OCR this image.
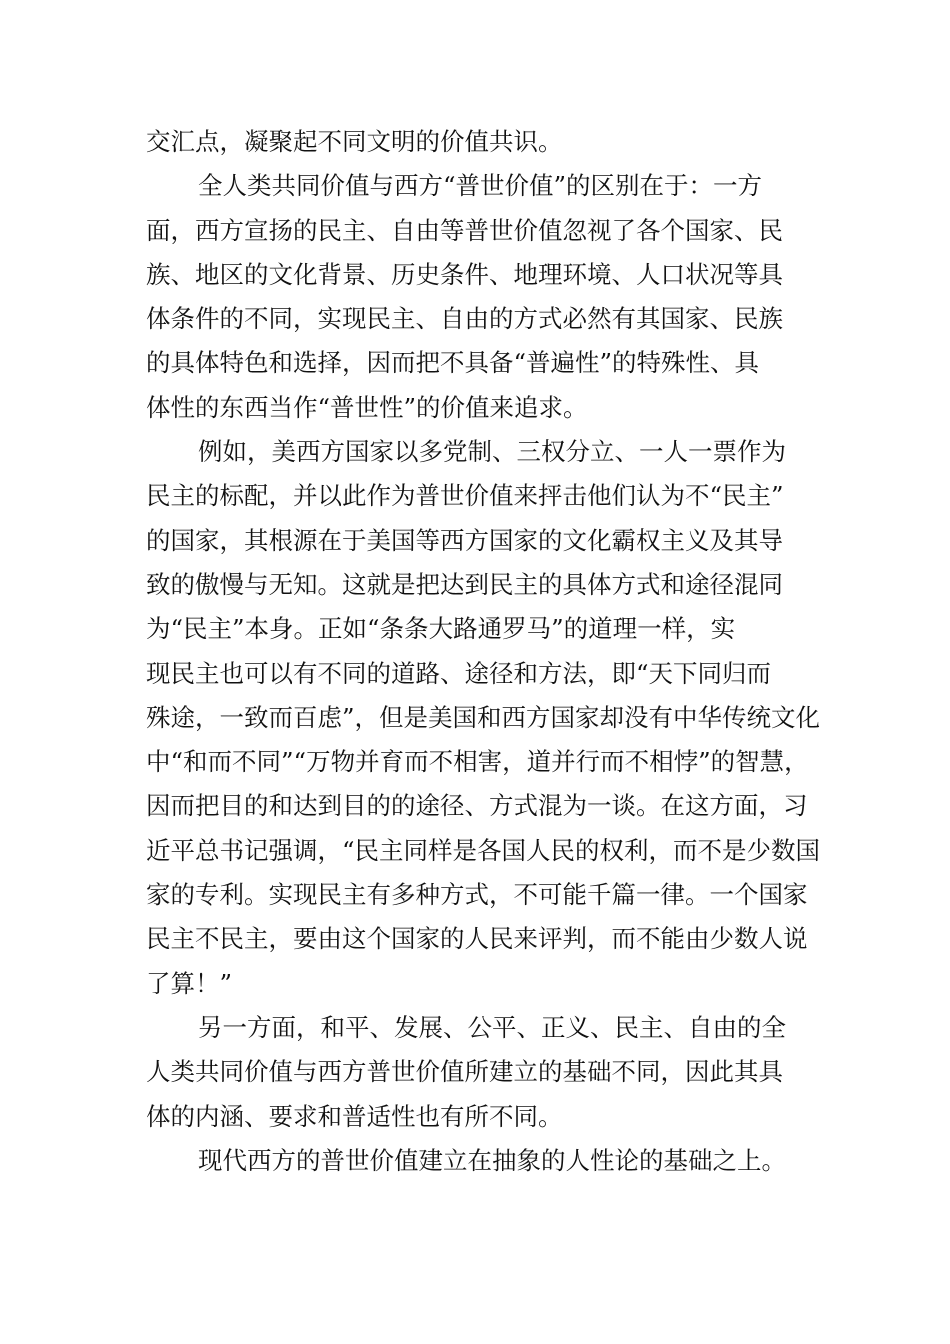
交汇点，凝聚起不同文明的价值共识。
全人类共同价值与西方“普世价值”的区别在于：一方
面，西方宣扬的民主、自由等普世价值忽视了各个国家、民
族、地区的文化背景、历史条件、地理环境、人口状况等具
体条件的不同，实现民主、自由的方式必然有其国家、民族
的具体特色和选择，因而把不具备“普遍性”的特殊性、具
体性的东西当作“普世性”的价值来追求。
例如，美西方国家以多党制、三权分立、一人一票作为
民主的标配，并以此作为普世价值来抨击他们认为不“民主”
的国家，其根源在于美国等西方国家的文化霸权主义及其导
致的傲慢与无知。这就是把达到民主的具体方式和途径混同
为“民主”本身。正如“条条大路通罗马”的道理一样，实
现民主也可以有不同的道路、途径和方法，即“天下同归而
殊途，一致而百虑”，但是美国和西方国家却没有中华传统文化
中“和而不同”“万物并育而不相害，道并行而不相悖”的智慧，
因而把目的和达到目的的途径、方式混为一谈。在这方面，习
近平总书记强调，“民主同样是各国人民的权利，而不是少数国
家的专利。实现民主有多种方式，不可能千篇一律。一个国家
民主不民主，要由这个国家的人民来评判，而不能由少数人说
了算！”
另一方面，和平、发展、公平、正义、民主、自由的全
人类共同价值与西方普世价值所建立的基础不同，因此其具
体的内涵、要求和普适性也有所不同。
现代西方的普世价值建立在抽象的人性论的基础之上。
